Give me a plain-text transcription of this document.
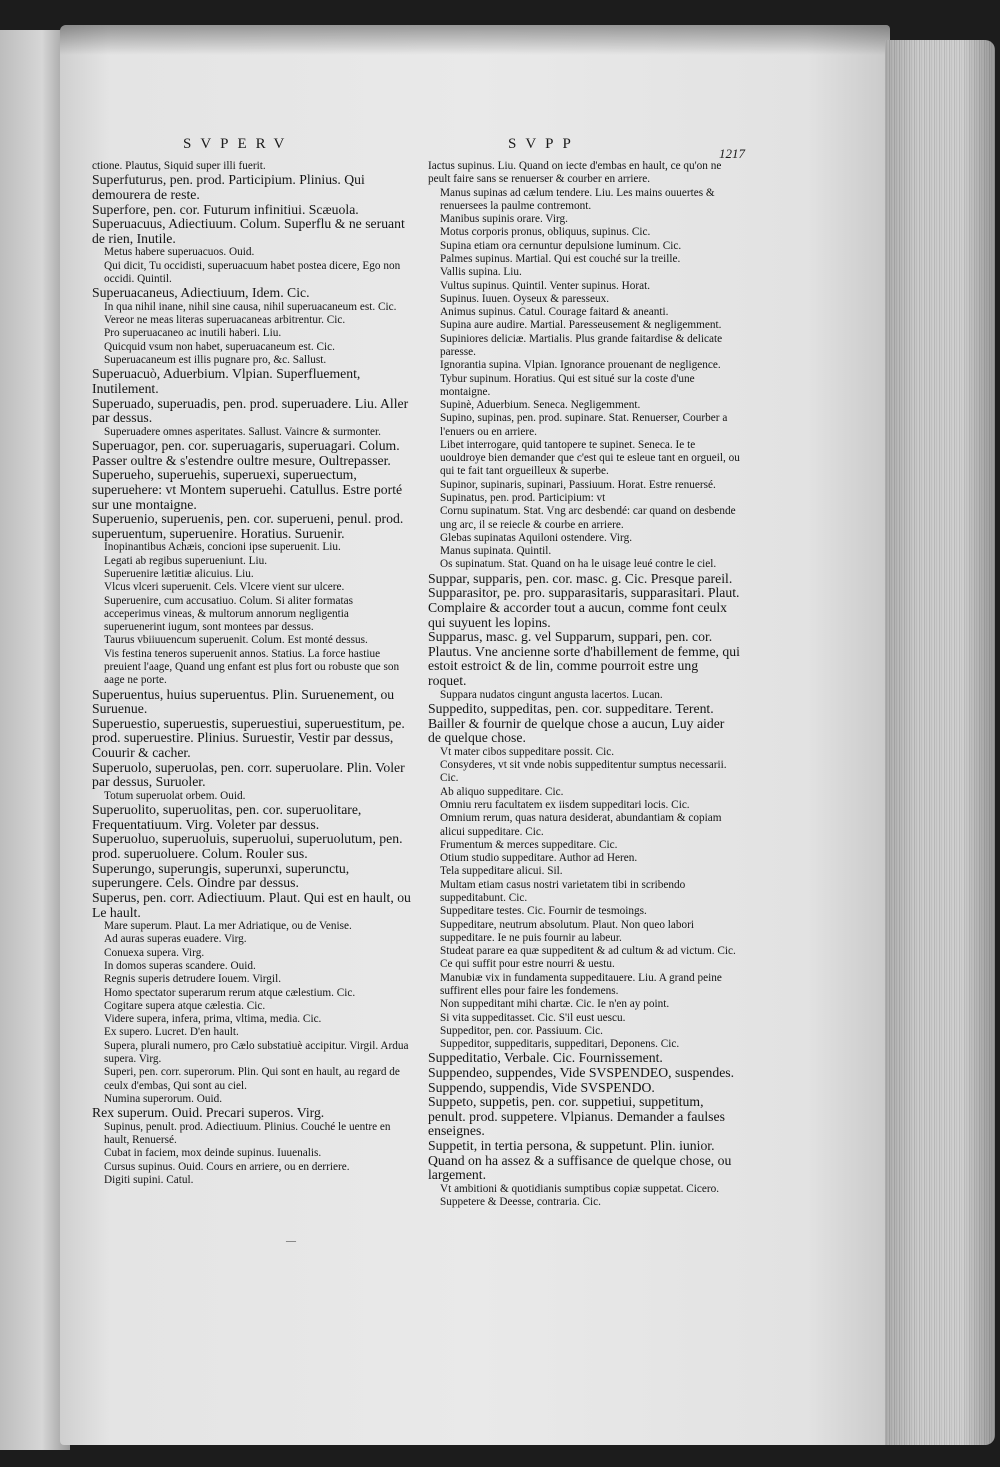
SVPERV	SVPP
1217

ctione. Plautus, Siquid super illi fuerit.

Superfuturus, pen. prod. Participium. Plinius. Qui demourera de reste.

Superfore, pen. cor. Futurum infinitiui. Scæuola.

Superuacuus, Adiectiuum. Colum. Superflu & ne seruant de rien, Inutile.

Metus habere superuacuos. Ouid.

Qui dicit, Tu occidisti, superuacuum habet postea dicere, Ego non occidi. Quintil.

Superuacaneus, Adiectiuum, Idem. Cic.

In qua nihil inane, nihil sine causa, nihil superuacaneum est. Cic.

Vereor ne meas literas superuacaneas arbitrentur. Cic.

Pro superuacaneo ac inutili haberi. Liu.

Quicquid vsum non habet, superuacaneum est. Cic.

Superuacaneum est illis pugnare pro, &c. Sallust.

Superuacuò, Aduerbium. Vlpian. Superfluement, Inutilement.

Superuado, superuadis, pen. prod. superuadere. Liu. Aller par dessus.

Superuadere omnes asperitates. Sallust. Vaincre & surmonter.

Superuagor, pen. cor. superuagaris, superuagari. Colum. Passer oultre & s'estendre oultre mesure, Oultrepasser.

Superueho, superuehis, superuexi, superuectum, superuehere: vt Montem superuehi. Catullus. Estre porté sur une montaigne.

Superuenio, superuenis, pen. cor. superueni, penul. prod. superuentum, superuenire. Horatius. Suruenir.

Inopinantibus Achæis, concioni ipse superuenit. Liu.

Legati ab regibus superueniunt. Liu.

Superuenire lætitiæ alicuius. Liu.

Vlcus vlceri superuenit. Cels. Vlcere vient sur ulcere.

Superuenire, cum accusatiuo. Colum. Si aliter formatas acceperimus vineas, & multorum annorum negligentia superuenerint iugum, sont montees par dessus.

Taurus vbiiuuencum superuenit. Colum. Est monté dessus.

Vis festina teneros superuenit annos. Statius. La force hastiue preuient l'aage, Quand ung enfant est plus fort ou robuste que son aage ne porte.

Superuentus, huius superuentus. Plin. Suruenement, ou Suruenue.

Superuestio, superuestis, superuestiui, superuestitum, pe. prod. superuestire. Plinius. Suruestir, Vestir par dessus, Couurir & cacher.

Superuolo, superuolas, pen. corr. superuolare. Plin. Voler par dessus, Suruoler.

Totum superuolat orbem. Ouid.

Superuolito, superuolitas, pen. cor. superuolitare, Frequentatiuum. Virg. Voleter par dessus.

Superuoluo, superuoluis, superuolui, superuolutum, pen. prod. superuoluere. Colum. Rouler sus.

Superungo, superungis, superunxi, superunctu, superungere. Cels. Oindre par dessus.

Superus, pen. corr. Adiectiuum. Plaut. Qui est en hault, ou Le hault.

Mare superum. Plaut. La mer Adriatique, ou de Venise.

Ad auras superas euadere. Virg.

Conuexa supera. Virg.

In domos superas scandere. Ouid.

Regnis superis detrudere Iouem. Virgil.

Homo spectator superarum rerum atque cælestium. Cic.

Cogitare supera atque cælestia. Cic.

Videre supera, infera, prima, vltima, media. Cic.

Ex supero. Lucret. D'en hault.

Supera, plurali numero, pro Cælo substatiuè accipitur. Virgil. Ardua supera. Virg.

Superi, pen. corr. superorum. Plin. Qui sont en hault, au regard de ceulx d'embas, Qui sont au ciel.

Numina superorum. Ouid.

Rex superum. Ouid. Precari superos. Virg.

Supinus, penult. prod. Adiectiuum. Plinius. Couché le uentre en hault, Renuersé.

Cubat in faciem, mox deinde supinus. Iuuenalis.

Cursus supinus. Ouid. Cours en arriere, ou en derriere.

Digiti supini. Catul.

Iactus supinus. Liu. Quand on iecte d'embas en hault, ce qu'on ne peult faire sans se renuerser & courber en arriere.

Manus supinas ad cælum tendere. Liu. Les mains ouuertes & renuersees la paulme contremont.

Manibus supinis orare. Virg.

Motus corporis pronus, obliquus, supinus. Cic.

Supina etiam ora cernuntur depulsione luminum. Cic.

Palmes supinus. Martial. Qui est couché sur la treille.

Vallis supina. Liu.

Vultus supinus. Quintil. Venter supinus. Horat.

Supinus. Iuuen. Oyseux & paresseux.

Animus supinus. Catul. Courage faitard & aneanti.

Supina aure audire. Martial. Paresseusement & negligemment.

Supiniores deliciæ. Martialis. Plus grande faitardise & delicate paresse.

Ignorantia supina. Vlpian. Ignorance prouenant de negligence.

Tybur supinum. Horatius. Qui est situé sur la coste d'une montaigne.

Supinè, Aduerbium. Seneca. Negligemment.

Supino, supinas, pen. prod. supinare. Stat. Renuerser, Courber a l'enuers ou en arriere.

Libet interrogare, quid tantopere te supinet. Seneca. Ie te uouldroye bien demander que c'est qui te esleue tant en orgueil, ou qui te fait tant orgueilleux & superbe.

Supinor, supinaris, supinari, Passiuum. Horat. Estre renuersé.

Supinatus, pen. prod. Participium: vt

Cornu supinatum. Stat. Vng arc desbendé: car quand on desbende ung arc, il se reiecle & courbe en arriere.

Glebas supinatas Aquiloni ostendere. Virg.

Manus supinata. Quintil.

Os supinatum. Stat. Quand on ha le uisage leué contre le ciel.

Suppar, supparis, pen. cor. masc. g. Cic. Presque pareil.

Supparasitor, pe. pro. supparasitaris, supparasitari. Plaut. Complaire & accorder tout a aucun, comme font ceulx qui suyuent les lopins.

Supparus, masc. g. vel Supparum, suppari, pen. cor. Plautus. Vne ancienne sorte d'habillement de femme, qui estoit estroict & de lin, comme pourroit estre ung roquet.

Suppara nudatos cingunt angusta lacertos. Lucan.

Suppedito, suppeditas, pen. cor. suppeditare. Terent. Bailler & fournir de quelque chose a aucun, Luy aider de quelque chose.

Vt mater cibos suppeditare possit. Cic.

Consyderes, vt sit vnde nobis suppeditentur sumptus necessarii. Cic.

Ab aliquo suppeditare. Cic.

Omniu reru facultatem ex iisdem suppeditari locis. Cic.

Omnium rerum, quas natura desiderat, abundantiam & copiam alicui suppeditare. Cic.

Frumentum & merces suppeditare. Cic.

Otium studio suppeditare. Author ad Heren.

Tela suppeditare alicui. Sil.

Multam etiam casus nostri varietatem tibi in scribendo suppeditabunt. Cic.

Suppeditare testes. Cic. Fournir de tesmoings.

Suppeditare, neutrum absolutum. Plaut. Non queo labori suppeditare. Ie ne puis fournir au labeur.

Studeat parare ea quæ suppeditent & ad cultum & ad victum. Cic. Ce qui suffit pour estre nourri & uestu.

Manubiæ vix in fundamenta suppeditauere. Liu. A grand peine suffirent elles pour faire les fondemens.

Non suppeditant mihi chartæ. Cic. Ie n'en ay point.

Si vita suppeditasset. Cic. S'il eust uescu.

Suppeditor, pen. cor. Passiuum. Cic.

Suppeditor, suppeditaris, suppeditari, Deponens. Cic.

Suppeditatio, Verbale. Cic. Fournissement.

Suppendeo, suppendes, Vide SVSPENDEO, suspendes.

Suppendo, suppendis, Vide SVSPENDO.

Suppeto, suppetis, pen. cor. suppetiui, suppetitum, penult. prod. suppetere. Vlpianus. Demander a faulses enseignes.

Suppetit, in tertia persona, & suppetunt. Plin. iunior. Quand on ha assez & a suffisance de quelque chose, ou largement.

Vt ambitioni & quotidianis sumptibus copiæ suppetat. Cicero. Suppetere & Deesse, contraria. Cic.

—
